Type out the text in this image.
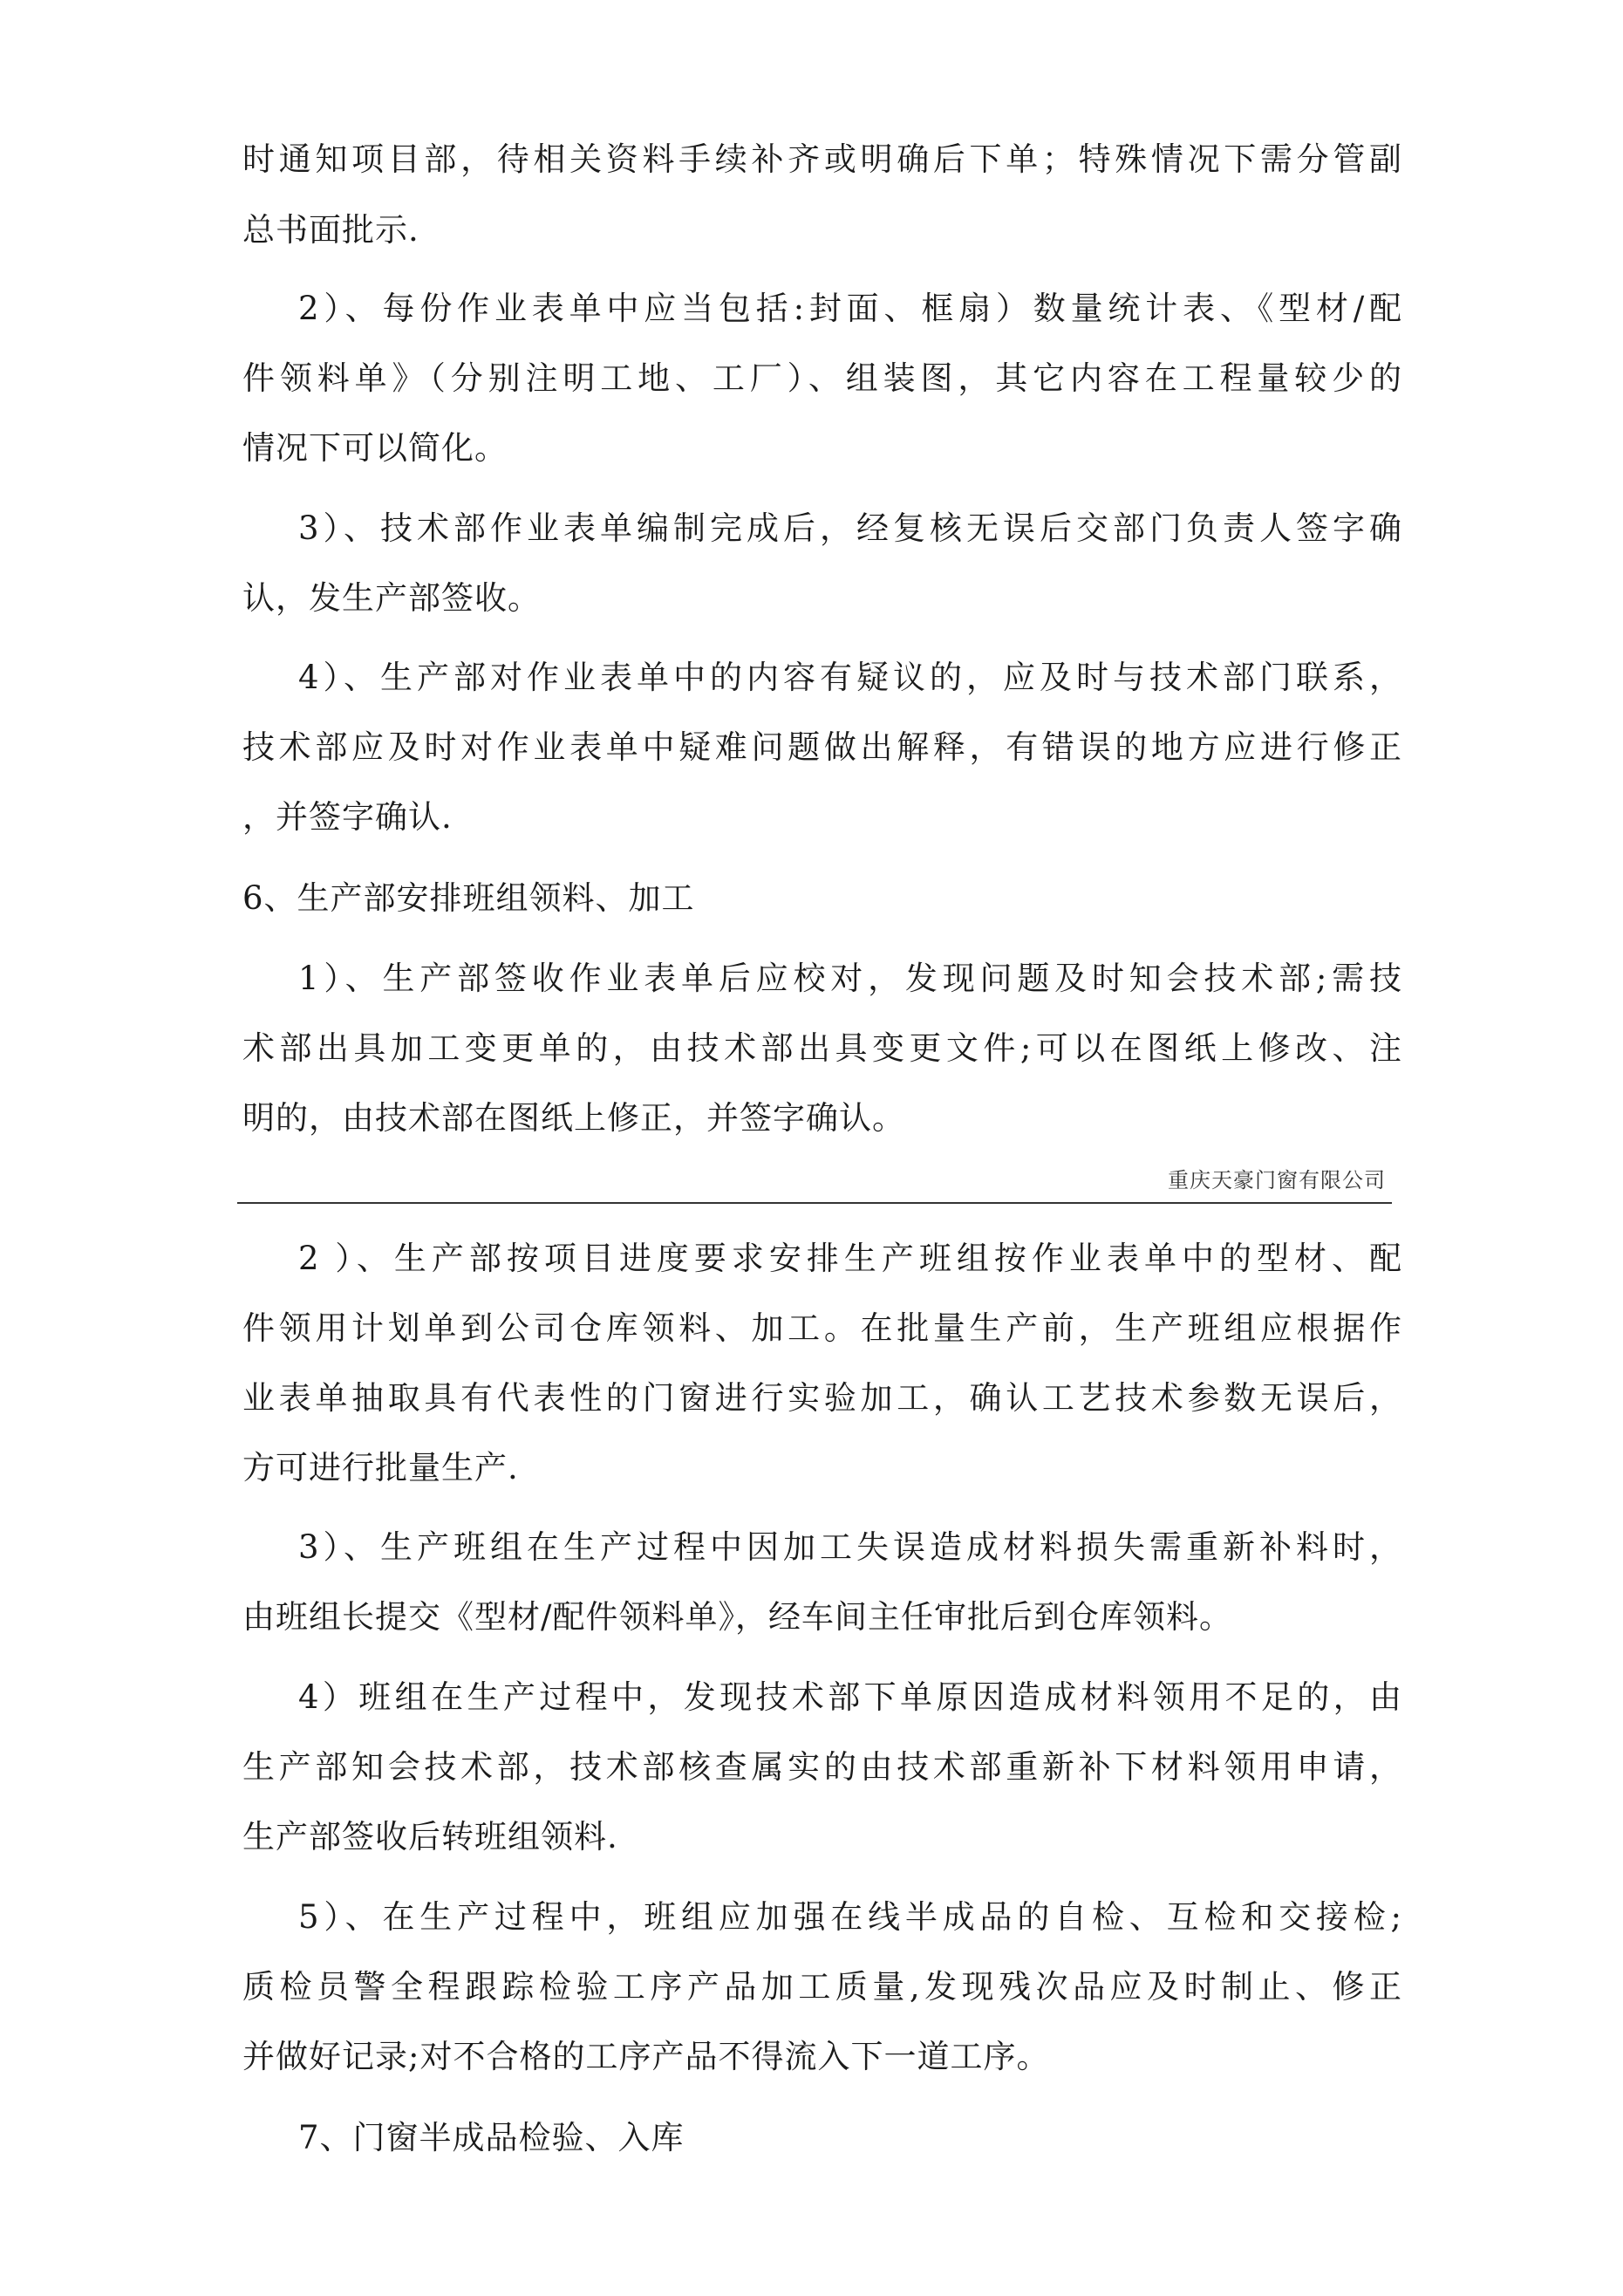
时通知项目部，待相关资料手续补齐或明确后下单；特殊情况下需分管副
总书面批示.
2）、每份作业表单中应当包括:封面、框扇）数量统计表、《型材/配
件领料单》（分别注明工地、工厂）、组装图，其它内容在工程量较少的
情况下可以简化。
3）、技术部作业表单编制完成后，经复核无误后交部门负责人签字确
认，发生产部签收。
4）、生产部对作业表单中的内容有疑议的，应及时与技术部门联系，
技术部应及时对作业表单中疑难问题做出解释，有错误的地方应进行修正
，并签字确认.
6、生产部安排班组领料、加工
1）、生产部签收作业表单后应校对，发现问题及时知会技术部;需技
术部出具加工变更单的，由技术部出具变更文件;可以在图纸上修改、注
明的，由技术部在图纸上修正，并签字确认。
重庆天豪门窗有限公司
2 ）、生产部按项目进度要求安排生产班组按作业表单中的型材、配
件领用计划单到公司仓库领料、加工。在批量生产前，生产班组应根据作
业表单抽取具有代表性的门窗进行实验加工，确认工艺技术参数无误后，
方可进行批量生产.
3）、生产班组在生产过程中因加工失误造成材料损失需重新补料时，
由班组长提交《型材/配件领料单》，经车间主任审批后到仓库领料。
4）班组在生产过程中，发现技术部下单原因造成材料领用不足的，由
生产部知会技术部，技术部核查属实的由技术部重新补下材料领用申请，
生产部签收后转班组领料.
5）、在生产过程中，班组应加强在线半成品的自检、互检和交接检;
质检员警全程跟踪检验工序产品加工质量,发现残次品应及时制止、修正
并做好记录;对不合格的工序产品不得流入下一道工序。
7、门窗半成品检验、入库
